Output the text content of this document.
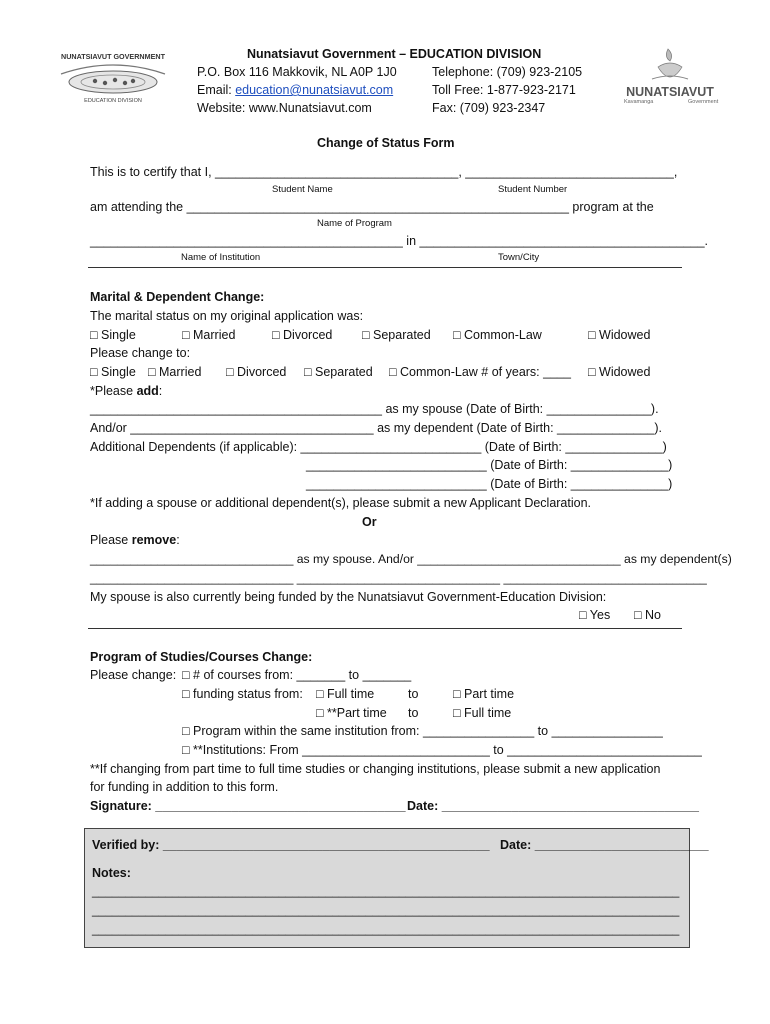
NUNATSIAVUT GOVERNMENT
EDUCATION DIVISION
Nunatsiavut Government – EDUCATION DIVISION
P.O. Box 116 Makkovik, NL A0P 1J0
Email: education@nunatsiavut.com
Website: www.Nunatsiavut.com
Telephone: (709) 923-2105
Toll Free: 1-877-923-2171
Fax: (709) 923-2347
NUNATSIAVUT
Kavamanga	Government
Change of Status Form
This is to certify that I, ___________________________________, ______________________________,
Student Name	Student Number
am attending the _______________________________________________________ program at the
Name of Program
_____________________________________________ in _________________________________________.
Name of Institution	Town/City
Marital & Dependent Change:
The marital status on my original application was:
□ Single	□ Married	□ Divorced □ Separated □ Common-Law	□ Widowed
Please change to:
□ Single □ Married □ Divorced □ Separated □ Common-Law # of years: ____ □ Widowed
*Please add:
__________________________________________ as my spouse (Date of Birth: _______________).
And/or ___________________________________ as my dependent (Date of Birth: ______________).
Additional Dependents (if applicable): __________________________ (Date of Birth: ______________)
__________________________ (Date of Birth: ______________)
__________________________ (Date of Birth: ______________)
*If adding a spouse or additional dependent(s), please submit a new Applicant Declaration.
Or
Please remove:
______________________________ as my spouse. And/or ______________________________ as my dependent(s)
______________________________ ______________________________ ______________________________
My spouse is also currently being funded by the Nunatsiavut Government-Education Division:
□ Yes □ No
Program of Studies/Courses Change:
Please change: □ # of courses from: _______ to _______
□ funding status from: □ Full time	to	□ Part time
□ **Part time to	□ Full time
□ Program within the same institution from: ________________ to ________________
□ **Institutions: From ___________________________ to ____________________________
**If changing from part time to full time studies or changing institutions, please submit a new application
for funding in addition to this form.
Signature: ____________________________________ Date: _____________________________________
Verified by: _______________________________________________ Date: _________________________
Notes:
________________________________________________________________________________________
________________________________________________________________________________________
________________________________________________________________________________________
